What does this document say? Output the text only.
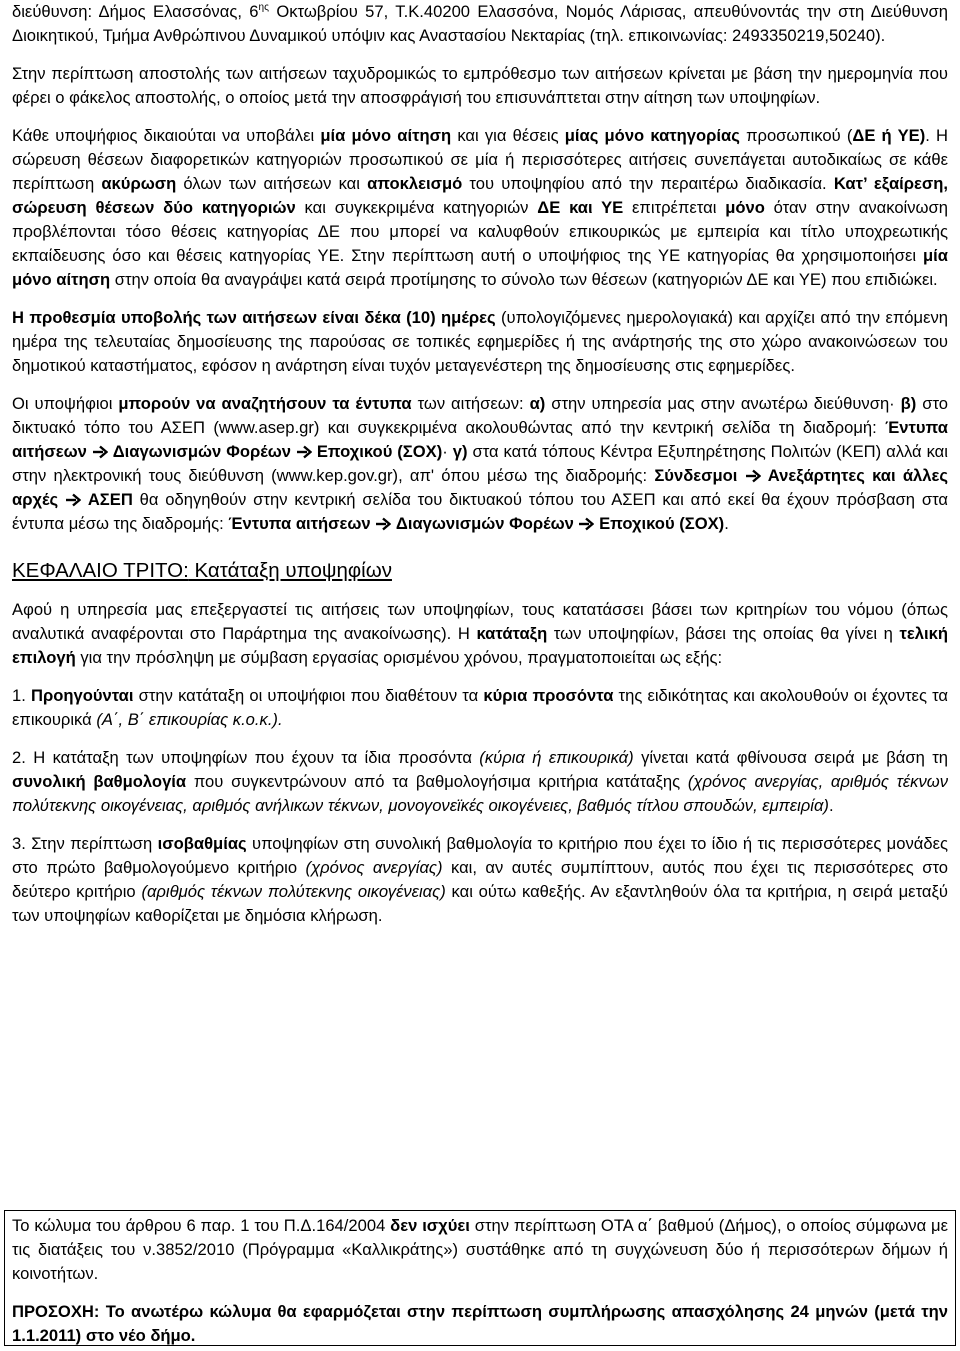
διεύθυνση: Δήμος Ελασσόνας, $6^{\eta\varsigma}$ Οκτωβρίου 57, Τ.Κ.40200 Ελασσόνα, Νομός Λάρισας, απευθύνοντάς την στη Διεύθυνση Διοικητικού, Τμήμα Ανθρώπινου Δυναμικού υπόψιν κας Αναστασίου Νεκταρίας (τηλ. επικοινωνίας: 2493350219,50240).

Στην περίπτωση αποστολής των αιτήσεων ταχυδρομικώς το εμπρόθεσμο των αιτήσεων κρίνεται με βάση την ημερομηνία που φέρει ο φάκελος αποστολής, ο οποίος μετά την αποσφράγισή του επισυνάπτεται στην αίτηση των υποψηφίων.

Κάθε υποψήφιος δικαιούται να υποβάλει μία μόνο αίτηση και για θέσεις μίας μόνο κατηγορίας προσωπικού (ΔΕ ή ΥΕ). Η σώρευση θέσεων διαφορετικών κατηγοριών προσωπικού σε μία ή περισσότερες αιτήσεις συνεπάγεται αυτοδικαίως σε κάθε περίπτωση ακύρωση όλων των αιτήσεων και αποκλεισμό του υποψηφίου από την περαιτέρω διαδικασία. Κατ’ εξαίρεση, σώρευση θέσεων δύο κατηγοριών και συγκεκριμένα κατηγοριών ΔΕ και ΥΕ επιτρέπεται μόνο όταν στην ανακοίνωση προβλέπονται τόσο θέσεις κατηγορίας ΔΕ που μπορεί να καλυφθούν επικουρικώς με εμπειρία και τίτλο υποχρεωτικής εκπαίδευσης όσο και θέσεις κατηγορίας ΥΕ. Στην περίπτωση αυτή ο υποψήφιος της ΥΕ κατηγορίας θα χρησιμοποιήσει μία μόνο αίτηση στην οποία θα αναγράψει κατά σειρά προτίμησης το σύνολο των θέσεων (κατηγοριών ΔΕ και ΥΕ) που επιδιώκει.

Η προθεσμία υποβολής των αιτήσεων είναι δέκα (10) ημέρες (υπολογιζόμενες ημερολογιακά) και αρχίζει από την επόμενη ημέρα της τελευταίας δημοσίευσης της παρούσας σε τοπικές εφημερίδες ή της ανάρτησής της στο χώρο ανακοινώσεων του δημοτικού καταστήματος, εφόσον η ανάρτηση είναι τυχόν μεταγενέστερη της δημοσίευσης στις εφημερίδες.

Οι υποψήφιοι μπορούν να αναζητήσουν τα έντυπα των αιτήσεων: α) στην υπηρεσία μας στην ανωτέρω διεύθυνση· β) στο δικτυακό τόπο του ΑΣΕΠ (www.asep.gr) και συγκεκριμένα ακολουθώντας από την κεντρική σελίδα τη διαδρομή: Έντυπα αιτήσεων Διαγωνισμών Φορέων Εποχικού (ΣΟΧ)· γ) στα κατά τόπους Κέντρα Εξυπηρέτησης Πολιτών (ΚΕΠ) αλλά και στην ηλεκτρονική τους διεύθυνση (www.kep.gov.gr), απ' όπου μέσω της διαδρομής: Σύνδεσμοι Ανεξάρτητες και άλλες αρχές ΑΣΕΠ θα οδηγηθούν στην κεντρική σελίδα του δικτυακού τόπου του ΑΣΕΠ και από εκεί θα έχουν πρόσβαση στα έντυπα μέσω της διαδρομής: Έντυπα αιτήσεων Διαγωνισμών Φορέων Εποχικού (ΣΟΧ).

ΚΕΦΑΛΑΙΟ ΤΡΙΤΟ: Κατάταξη υποψηφίων

Αφού η υπηρεσία μας επεξεργαστεί τις αιτήσεις των υποψηφίων, τους κατατάσσει βάσει των κριτηρίων του νόμου (όπως αναλυτικά αναφέρονται στο Παράρτημα της ανακοίνωσης). Η κατάταξη των υποψηφίων, βάσει της οποίας θα γίνει η τελική επιλογή για την πρόσληψη με σύμβαση εργασίας ορισμένου χρόνου, πραγματοποιείται ως εξής:

1. Προηγούνται στην κατάταξη οι υποψήφιοι που διαθέτουν τα κύρια προσόντα της ειδικότητας και ακολουθούν οι έχοντες τα επικουρικά (Α΄, Β΄ επικουρίας κ.ο.κ.).

2. Η κατάταξη των υποψηφίων που έχουν τα ίδια προσόντα (κύρια ή επικουρικά) γίνεται κατά φθίνουσα σειρά με βάση τη συνολική βαθμολογία που συγκεντρώνουν από τα βαθμολογήσιμα κριτήρια κατάταξης (χρόνος ανεργίας, αριθμός τέκνων πολύτεκνης οικογένειας, αριθμός ανήλικων τέκνων, μονογονεϊκές οικογένειες, βαθμός τίτλου σπουδών, εμπειρία).

3. Στην περίπτωση ισοβαθμίας υποψηφίων στη συνολική βαθμολογία το κριτήριο που έχει το ίδιο ή τις περισσότερες μονάδες στο πρώτο βαθμολογούμενο κριτήριο (χρόνος ανεργίας) και, αν αυτές συμπίπτουν, αυτός που έχει τις περισσότερες στο δεύτερο κριτήριο (αριθμός τέκνων πολύτεκνης οικογένειας) και ούτω καθεξής. Αν εξαντληθούν όλα τα κριτήρια, η σειρά μεταξύ των υποψηφίων καθορίζεται με δημόσια κλήρωση.

Το κώλυμα του άρθρου 6 παρ. 1 του Π.Δ.164/2004 δεν ισχύει στην περίπτωση ΟΤΑ α΄ βαθμού (Δήμος), ο οποίος σύμφωνα με τις διατάξεις του ν.3852/2010 (Πρόγραμμα «Καλλικράτης») συστάθηκε από τη συγχώνευση δύο ή περισσότερων δήμων ή κοινοτήτων.

ΠΡΟΣΟΧΗ: Το ανωτέρω κώλυμα θα εφαρμόζεται στην περίπτωση συμπλήρωσης απασχόλησης 24 μηνών (μετά την 1.1.2011) στο νέο δήμο.
